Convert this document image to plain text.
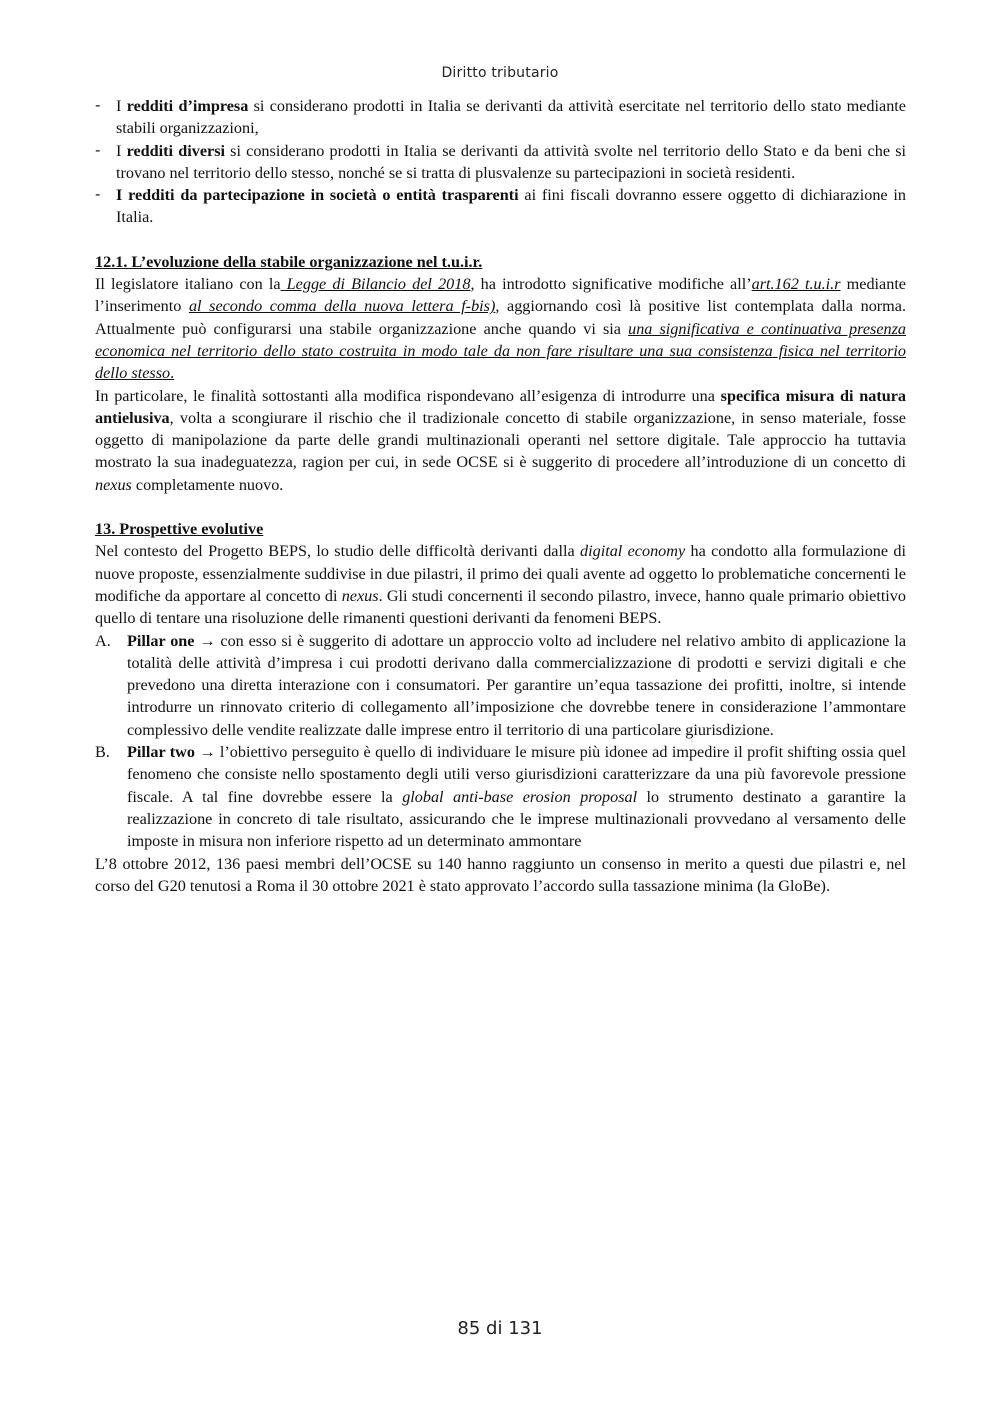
Diritto tributario
- I redditi d’impresa si considerano prodotti in Italia se derivanti da attività esercitate nel territorio dello stato mediante stabili organizzazioni,
- I redditi diversi si considerano prodotti in Italia se derivanti da attività svolte nel territorio dello Stato e da beni che si trovano nel territorio dello stesso, nonché se si tratta di plusvalenze su partecipazioni in società residenti.
- I redditi da partecipazione in società o entità trasparenti ai fini fiscali dovranno essere oggetto di dichiarazione in Italia.
12.1. L’evoluzione della stabile organizzazione nel t.u.i.r.

Il legislatore italiano con la Legge di Bilancio del 2018, ha introdotto significative modifiche all’art.162 t.u.i.r mediante l’inserimento al secondo comma della nuova lettera f-bis), aggiornando così là positive list contemplata dalla norma. Attualmente può configurarsi una stabile organizzazione anche quando vi sia una significativa e continuativa presenza economica nel territorio dello stato costruita in modo tale da non fare risultare una sua consistenza fisica nel territorio dello stesso.

In particolare, le finalità sottostanti alla modifica rispondevano all’esigenza di introdurre una specifica misura di natura antielusiva, volta a scongiurare il rischio che il tradizionale concetto di stabile organizzazione, in senso materiale, fosse oggetto di manipolazione da parte delle grandi multinazionali operanti nel settore digitale. Tale approccio ha tuttavia mostrato la sua inadeguatezza, ragion per cui, in sede OCSE si è suggerito di procedere all’introduzione di un concetto di nexus completamente nuovo.

13. Prospettive evolutive

Nel contesto del Progetto BEPS, lo studio delle difficoltà derivanti dalla digital economy ha condotto alla formulazione di nuove proposte, essenzialmente suddivise in due pilastri, il primo dei quali avente ad oggetto lo problematiche concernenti le modifiche da apportare al concetto di nexus. Gli studi concernenti il secondo pilastro, invece, hanno quale primario obiettivo quello di tentare una risoluzione delle rimanenti questioni derivanti da fenomeni BEPS.

A. Pillar one → con esso si è suggerito di adottare un approccio volto ad includere nel relativo ambito di applicazione la totalità delle attività d’impresa i cui prodotti derivano dalla commercializzazione di prodotti e servizi digitali e che prevedono una diretta interazione con i consumatori. Per garantire un’equa tassazione dei profitti, inoltre, si intende introdurre un rinnovato criterio di collegamento all’imposizione che dovrebbe tenere in considerazione l’ammontare complessivo delle vendite realizzate dalle imprese entro il territorio di una particolare giurisdizione.
B. Pillar two → l’obiettivo perseguito è quello di individuare le misure più idonee ad impedire il profit shifting ossia quel fenomeno che consiste nello spostamento degli utili verso giurisdizioni caratterizzare da una più favorevole pressione fiscale. A tal fine dovrebbe essere la global anti-base erosion proposal lo strumento destinato a garantire la realizzazione in concreto di tale risultato, assicurando che le imprese multinazionali provvedano al versamento delle imposte in misura non inferiore rispetto ad un determinato ammontare

L’8 ottobre 2012, 136 paesi membri dell’OCSE su 140 hanno raggiunto un consenso in merito a questi due pilastri e, nel corso del G20 tenutosi a Roma il 30 ottobre 2021 è stato approvato l’accordo sulla tassazione minima (la GloBe).

85 di 131
